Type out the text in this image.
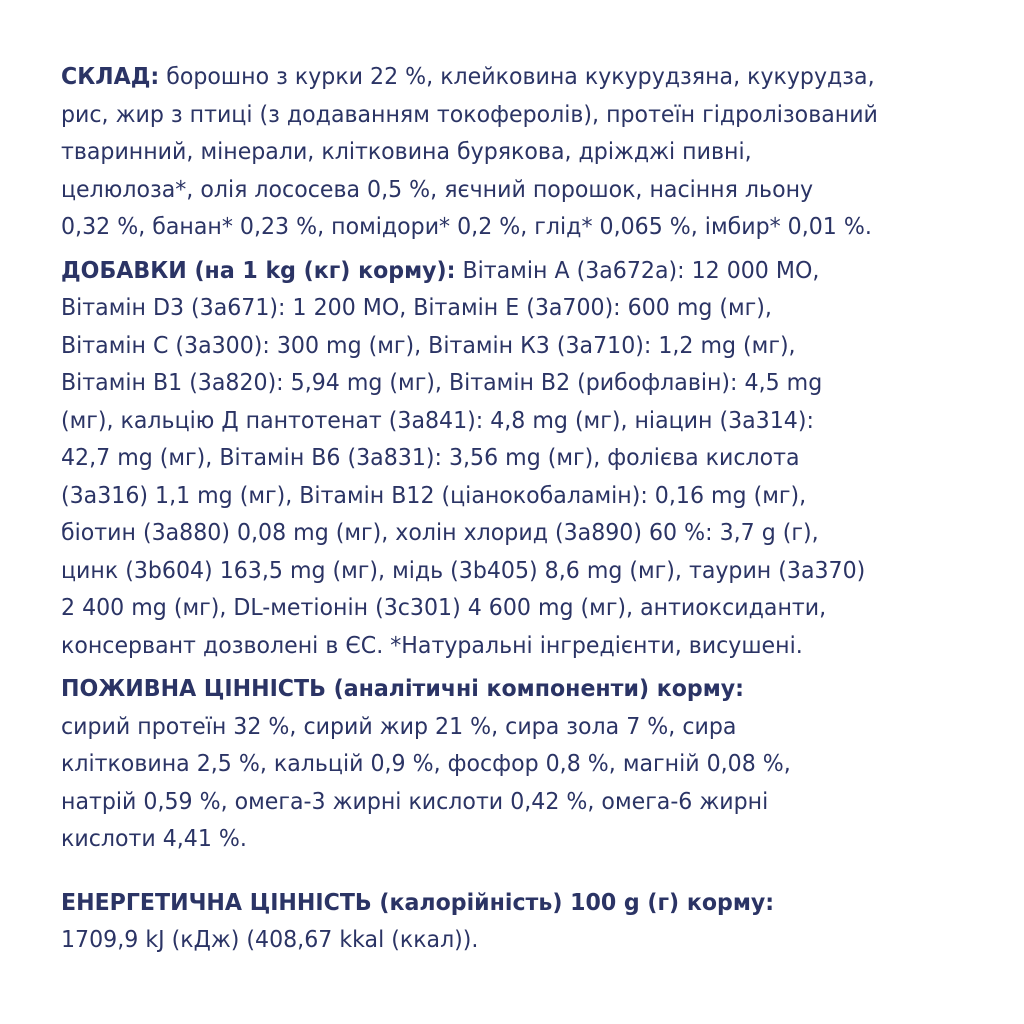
СКЛАД: борошно з курки 22 %, клейковина кукурудзяна, кукурудза,
рис, жир з птиці (з додаванням токоферолів), протеїн гідролізований
тваринний, мінерали, клітковина бурякова, дріжджі пивні,
целюлоза*, олія лососева 0,5 %, яєчний порошок, насіння льону
0,32 %, банан* 0,23 %, помідори* 0,2 %, глід* 0,065 %, імбир* 0,01 %.
ДОБАВКИ (на 1 kg (кг) корму): Вітамін А (3a672a): 12 000 МО,
Вітамін D3 (3a671): 1 200 МО, Вітамін Е (3a700): 600 mg (мг),
Вітамін С (3a300): 300 mg (мг), Вітамін К3 (3a710): 1,2 mg (мг),
Вітамін В1 (3a820): 5,94 mg (мг), Вітамін В2 (рибофлавін): 4,5 mg
(мг), кальцію Д пантотенат (3a841): 4,8 mg (мг), ніацин (3a314):
42,7 mg (мг), Вітамін В6 (3a831): 3,56 mg (мг), фолієва кислота
(3a316) 1,1 mg (мг), Вітамін В12 (ціанокобаламін): 0,16 mg (мг),
біотин (3a880) 0,08 mg (мг), холін хлорид (3a890) 60 %: 3,7 g (г),
цинк (3b604) 163,5 mg (мг), мідь (3b405) 8,6 mg (мг), таурин (3a370)
2 400 mg (мг), DL-метіонін (3c301) 4 600 mg (мг), антиоксиданти,
консервант дозволені в ЄС. *Натуральні інгредієнти, висушені.
ПОЖИВНА ЦІННІСТЬ (аналітичні компоненти) корму:
сирий протеїн 32 %, сирий жир 21 %, сира зола 7 %, сира
клітковина 2,5 %, кальцій 0,9 %, фосфор 0,8 %, магній 0,08 %,
натрій 0,59 %, омега-3 жирні кислоти 0,42 %, омега-6 жирні
кислоти 4,41 %.
ЕНЕРГЕТИЧНА ЦІННІСТЬ (калорійність) 100 g (г) корму:
1709,9 kJ (кДж) (408,67 kkal (ккал)).
